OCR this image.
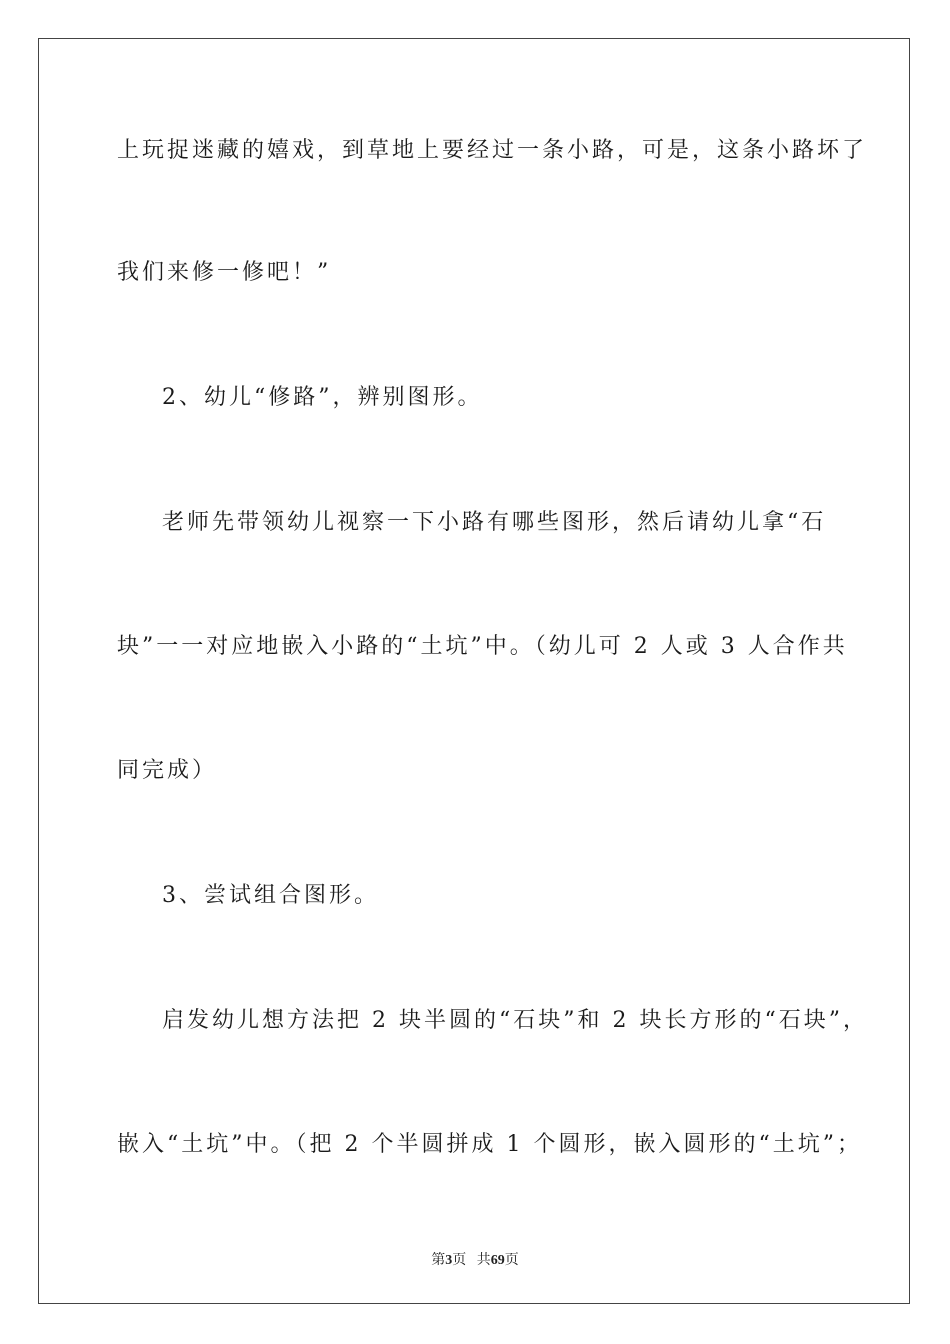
上玩捉迷藏的嬉戏，到草地上要经过一条小路，可是，这条小路坏了
我们来修一修吧！”
2、幼儿“修路”，辨别图形。
老师先带领幼儿视察一下小路有哪些图形，然后请幼儿拿“石
块”一一对应地嵌入小路的“土坑”中。（幼儿可 2 人或 3 人合作共
同完成）
3、尝试组合图形。
启发幼儿想方法把 2 块半圆的“石块”和 2 块长方形的“石块”，
嵌入“土坑”中。（把 2 个半圆拼成 1 个圆形，嵌入圆形的“土坑”；
第3页 共69页
